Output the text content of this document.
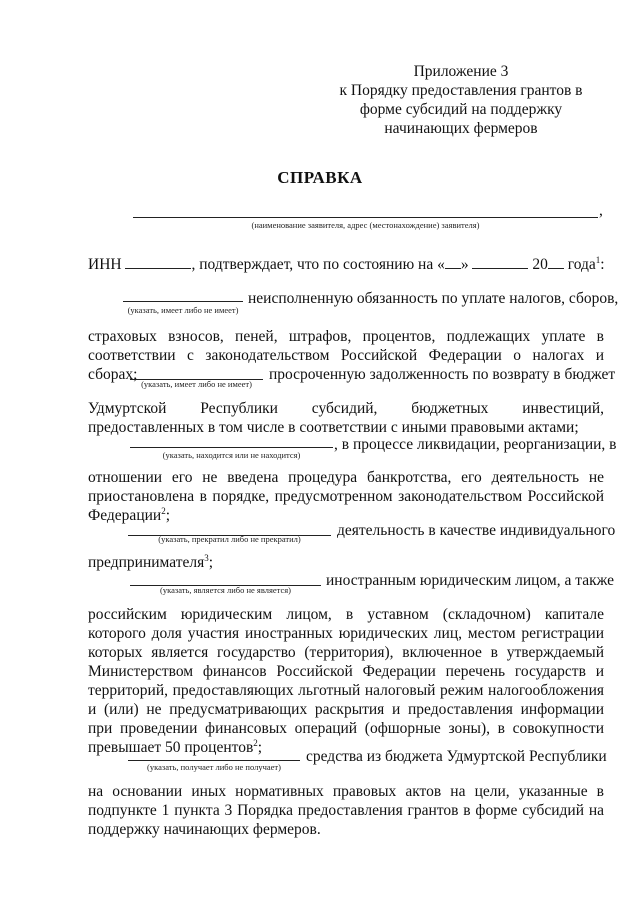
Приложение 3
к Порядку предоставления грантов в
форме субсидий на поддержку
начинающих фермеров
СПРАВКА
,
(наименование заявителя, адрес (местонахождение) заявителя)
ИНН	, подтверждает, что по состоянию на « »	20 года$^1$:
(указать, имеет либо не имеет)
неисполненную обязанность по уплате налогов, сборов,
страховых взносов, пеней, штрафов, процентов, подлежащих уплате в соответствии с законодательством Российской Федерации о налогах и сборах;
(указать, имеет либо не имеет)
просроченную задолженность по возврату в бюджет
Удмуртской Республики субсидий, бюджетных инвестиций, предоставленных в том числе в соответствии с иными правовыми актами;
(указать, находится или не находится)
, в процессе ликвидации, реорганизации, в
отношении его не введена процедура банкротства, его деятельность не приостановлена в порядке, предусмотренном законодательством Российской Федерации$^2$;
(указать, прекратил либо не прекратил)	деятельность в качестве индивидуального
предпринимателя$^3$;
(указать, является либо не является)
иностранным юридическим лицом, а также
российским юридическим лицом, в уставном (складочном) капитале которого доля участия иностранных юридических лиц, местом регистрации которых является государство (территория), включенное в утверждаемый Министерством финансов Российской Федерации перечень государств и территорий, предоставляющих льготный налоговый режим налогообложения и (или) не предусматривающих раскрытия и предоставления информации при проведении финансовых операций (офшорные зоны), в совокупности превышает 50 процентов$^2$;
(указать, получает либо не получает)
средства из бюджета Удмуртской Республики
на основании иных нормативных правовых актов на цели, указанные в подпункте 1 пункта 3 Порядка предоставления грантов в форме субсидий на поддержку начинающих фермеров.
